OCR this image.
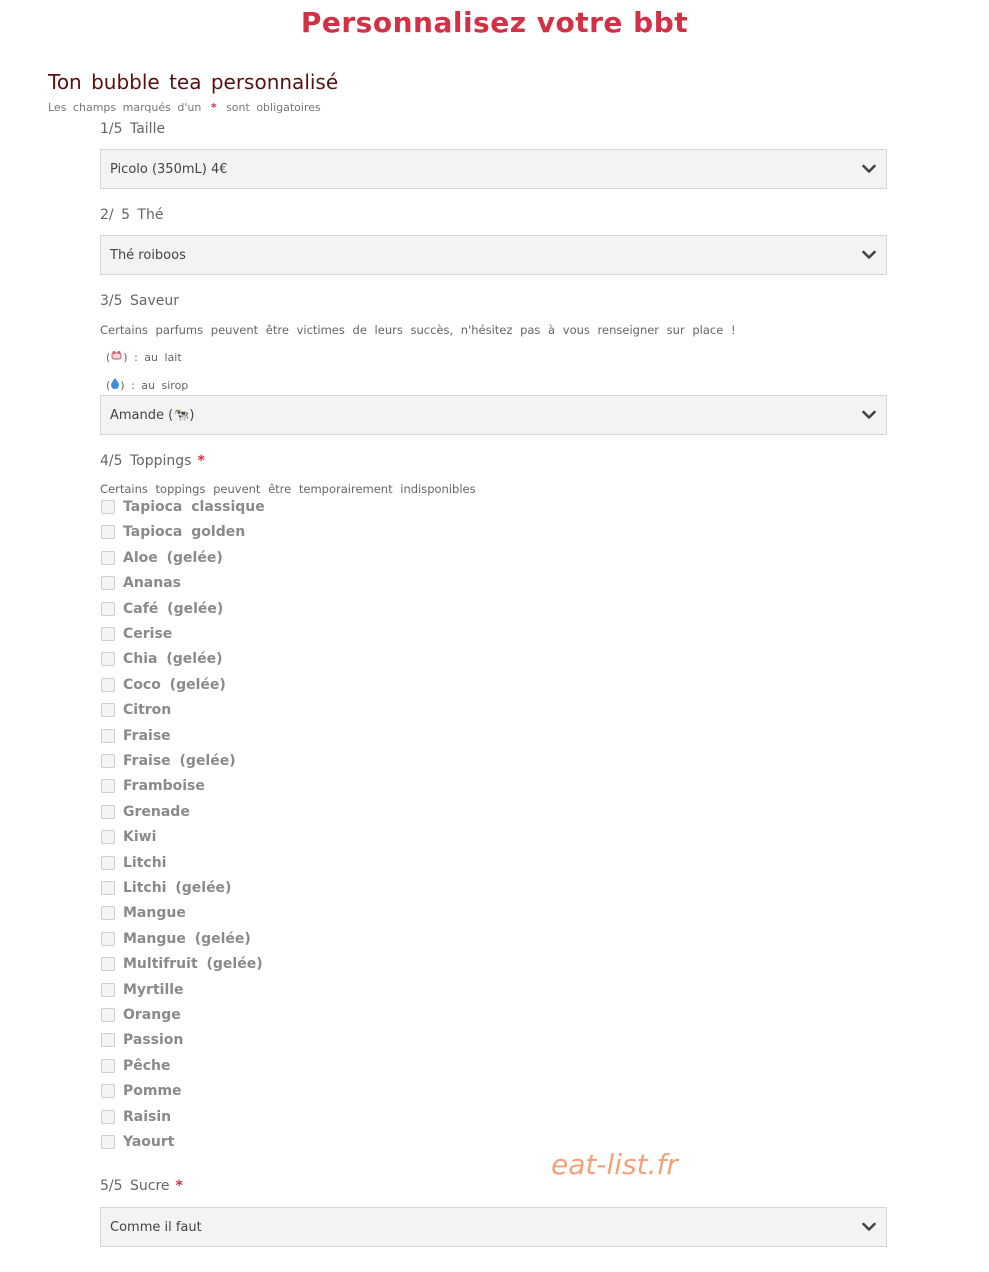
Personnalisez votre bbt
Ton bubble tea personnalisé
Les champs marqués d'un * sont obligatoires
1/5 Taille
Picolo (350mL) 4€
2/ 5 Thé
Thé roiboos
3/5 Saveur
Certains parfums peuvent être victimes de leurs succès, n'hésitez pas à vous renseigner sur place !
( ) : au lait
( ) : au sirop
Amande (🐄)
4/5 Toppings *
Certains toppings peuvent être temporairement indisponibles
Tapioca classique
Tapioca golden
Aloe (gelée)
Ananas
Café (gelée)
Cerise
Chia (gelée)
Coco (gelée)
Citron
Fraise
Fraise (gelée)
Framboise
Grenade
Kiwi
Litchi
Litchi (gelée)
Mangue
Mangue (gelée)
Multifruit (gelée)
Myrtille
Orange
Passion
Pêche
Pomme
Raisin
Yaourt
5/5 Sucre *
Comme il faut
eat-list.fr
